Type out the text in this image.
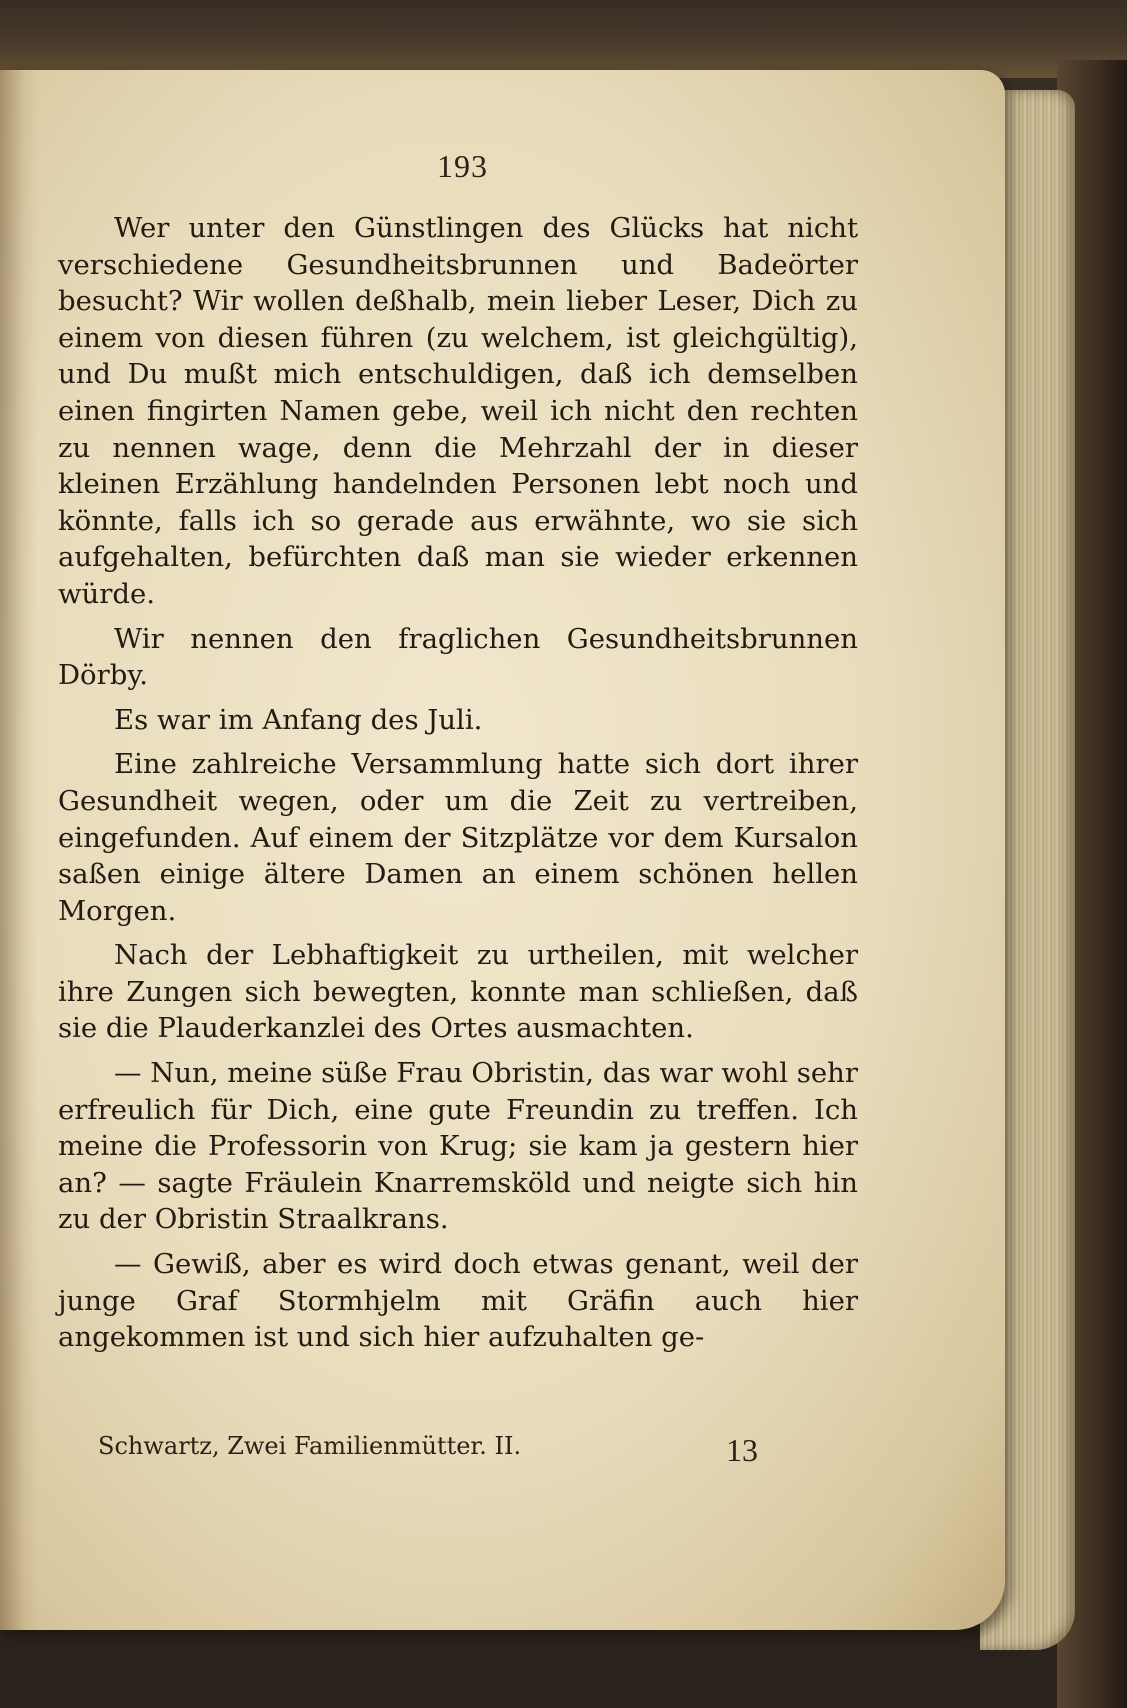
193

Wer unter den Günstlingen des Glücks hat nicht verschiedene Gesundheitsbrunnen und Badeörter besucht? Wir wollen deßhalb, mein lieber Leser, Dich zu einem von diesen führen (zu welchem, ist gleichgültig), und Du mußt mich entschuldigen, daß ich demselben einen fingirten Namen gebe, weil ich nicht den rechten zu nennen wage, denn die Mehrzahl der in dieser kleinen Erzählung handelnden Personen lebt noch und könnte, falls ich so gerade aus erwähnte, wo sie sich aufgehalten, befürchten daß man sie wieder erkennen würde.

Wir nennen den fraglichen Gesundheitsbrunnen Dörby.

Es war im Anfang des Juli.

Eine zahlreiche Versammlung hatte sich dort ihrer Gesundheit wegen, oder um die Zeit zu vertreiben, eingefunden. Auf einem der Sitzplätze vor dem Kursalon saßen einige ältere Damen an einem schönen hellen Morgen.

Nach der Lebhaftigkeit zu urtheilen, mit welcher ihre Zungen sich bewegten, konnte man schließen, daß sie die Plauderkanzlei des Ortes ausmachten.

— Nun, meine süße Frau Obristin, das war wohl sehr erfreulich für Dich, eine gute Freundin zu treffen. Ich meine die Professorin von Krug; sie kam ja gestern hier an? — sagte Fräulein Knarremsköld und neigte sich hin zu der Obristin Straalkrans.

— Gewiß, aber es wird doch etwas genant, weil der junge Graf Stormhjelm mit Gräfin auch hier angekommen ist und sich hier aufzuhalten ge-

Schwartz, Zwei Familienmütter. II.	13
